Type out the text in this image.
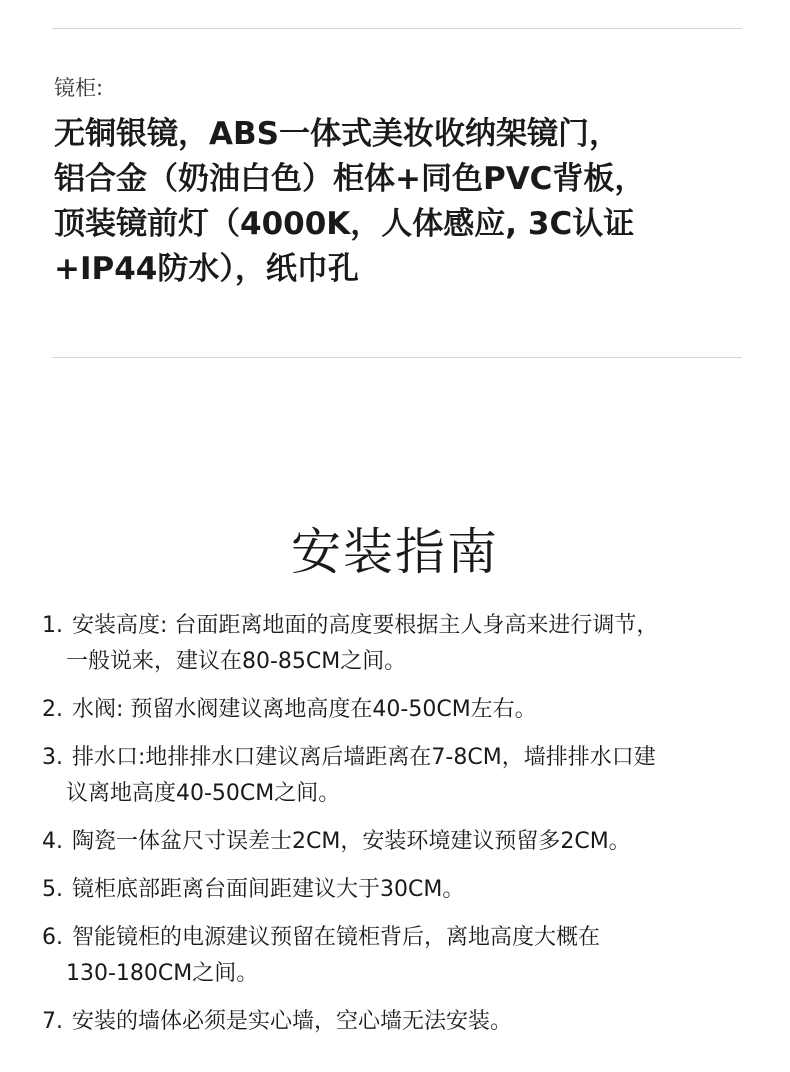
镜柜:
无铜银镜，ABS一体式美妆收纳架镜门，
铝合金（奶油白色）柜体+同色PVC背板，
顶装镜前灯（4000K，人体感应, 3C认证
+IP44防水），纸巾孔
安装指南
1. 安装高度: 台面距离地面的高度要根据主人身高来进行调节，
一般说来，建议在80-85CM之间。
2. 水阀: 预留水阀建议离地高度在40-50CM左右。
3. 排水口:地排排水口建议离后墙距离在7-8CM，墙排排水口建
议离地高度40-50CM之间。
4. 陶瓷一体盆尺寸误差士2CM，安装环境建议预留多2CM。
5. 镜柜底部距离台面间距建议大于30CM。
6. 智能镜柜的电源建议预留在镜柜背后，离地高度大概在
130-180CM之间。
7. 安装的墙体必须是实心墙，空心墙无法安装。
